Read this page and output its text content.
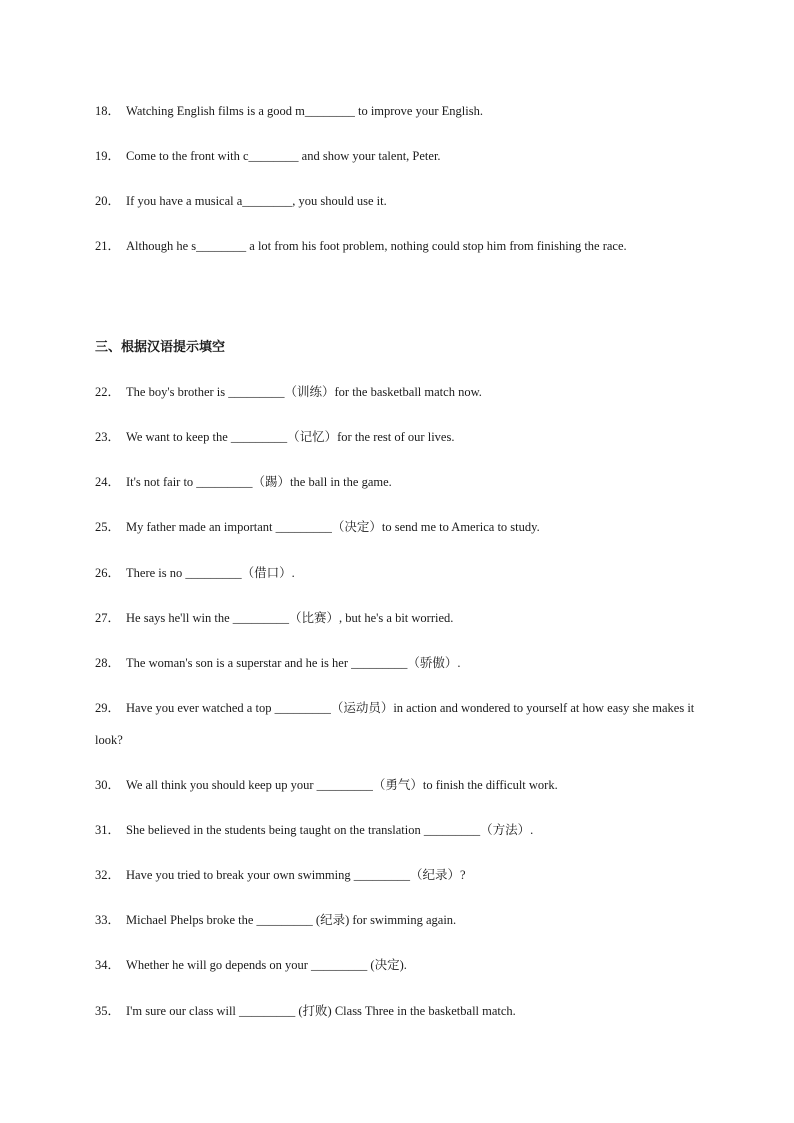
18． Watching English films is a good m________ to improve your English.
19． Come to the front with c________ and show your talent, Peter.
20． If you have a musical a________, you should use it.
21． Although he s________ a lot from his foot problem, nothing could stop him from finishing the race.
三、根据汉语提示填空
22． The boy's brother is _________（训练）for the basketball match now.
23． We want to keep the _________（记忆）for the rest of our lives.
24． It's not fair to _________（踢）the ball in the game.
25． My father made an important _________（决定）to send me to America to study.
26． There is no _________（借口）.
27． He says he'll win the _________（比赛）, but he's a bit worried.
28． The woman's son is a superstar and he is her _________（骄傲）.
29． Have you ever watched a top _________（运动员）in action and wondered to yourself at how easy she makes it look?
30． We all think you should keep up your _________（勇气）to finish the difficult work.
31． She believed in the students being taught on the translation _________（方法）.
32． Have you tried to break your own swimming _________（纪录）?
33． Michael Phelps broke the _________ (纪录) for swimming again.
34． Whether he will go depends on your _________ (决定).
35． I'm sure our class will _________ (打败) Class Three in the basketball match.
